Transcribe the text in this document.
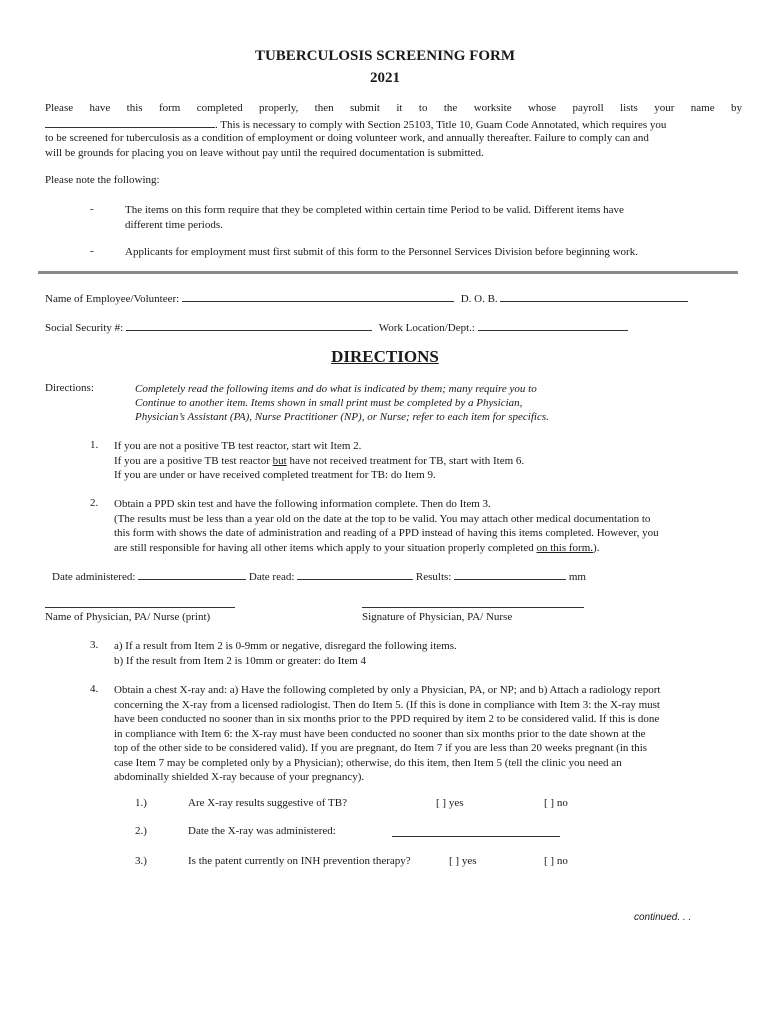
TUBERCULOSIS SCREENING FORM
2021
Please have this form completed properly, then submit it to the worksite whose payroll lists your name by
. This is necessary to comply with Section 25103, Title 10, Guam Code Annotated, which requires you
to be screened for tuberculosis as a condition of employment or doing volunteer work, and annually thereafter. Failure to comply can and
will be grounds for placing you on leave without pay until the required documentation is submitted.
Please note the following:
-	The items on this form require that they be completed within certain time Period to be valid. Different items have
different time periods.
-	Applicants for employment must first submit of this form to the Personnel Services Division before beginning work.
Name of Employee/Volunteer:	D. O. B.
Social Security #:	Work Location/Dept.:
DIRECTIONS
Directions:	Completely read the following items and do what is indicated by them; many require you to
Continue to another item. Items shown in small print must be completed by a Physician,
Physician’s Assistant (PA), Nurse Practitioner (NP), or Nurse; refer to each item for specifics.
1. If you are not a positive TB test reactor, start wit Item 2.
If you are a positive TB test reactor but have not received treatment for TB, start with Item 6.
If you are under or have received completed treatment for TB: do Item 9.
2. Obtain a PPD skin test and have the following information complete. Then do Item 3.
(The results must be less than a year old on the date at the top to be valid. You may attach other medical documentation to
this form with shows the date of administration and reading of a PPD instead of having this items completed. However, you
are still responsible for having all other items which apply to your situation properly completed on this form.).
Date administered:	Date read:	Results:	mm
Name of Physician, PA/ Nurse (print)	Signature of Physician, PA/ Nurse
3. a) If a result from Item 2 is 0-9mm or negative, disregard the following items.
b) If the result from Item 2 is 10mm or greater: do Item 4
4. Obtain a chest X-ray and: a) Have the following completed by only a Physician, PA, or NP; and b) Attach a radiology report
concerning the X-ray from a licensed radiologist. Then do Item 5. (If this is done in compliance with Item 3: the X-ray must
have been conducted no sooner than in six months prior to the PPD required by item 2 to be considered valid. If this is done
in compliance with Item 6: the X-ray must have been conducted no sooner than six months prior to the date shown at the
top of the other side to be considered valid). If you are pregnant, do Item 7 if you are less than 20 weeks pregnant (in this
case Item 7 may be completed only by a Physician); otherwise, do this item, then Item 5 (tell the clinic you need an
abdominally shielded X-ray because of your pregnancy).
1.)	Are X-ray results suggestive of TB?	[ ] yes	[ ] no
2.)	Date the X-ray was administered:
3.)	Is the patent currently on INH prevention therapy?	[ ] yes	[ ] no
continued. . .
